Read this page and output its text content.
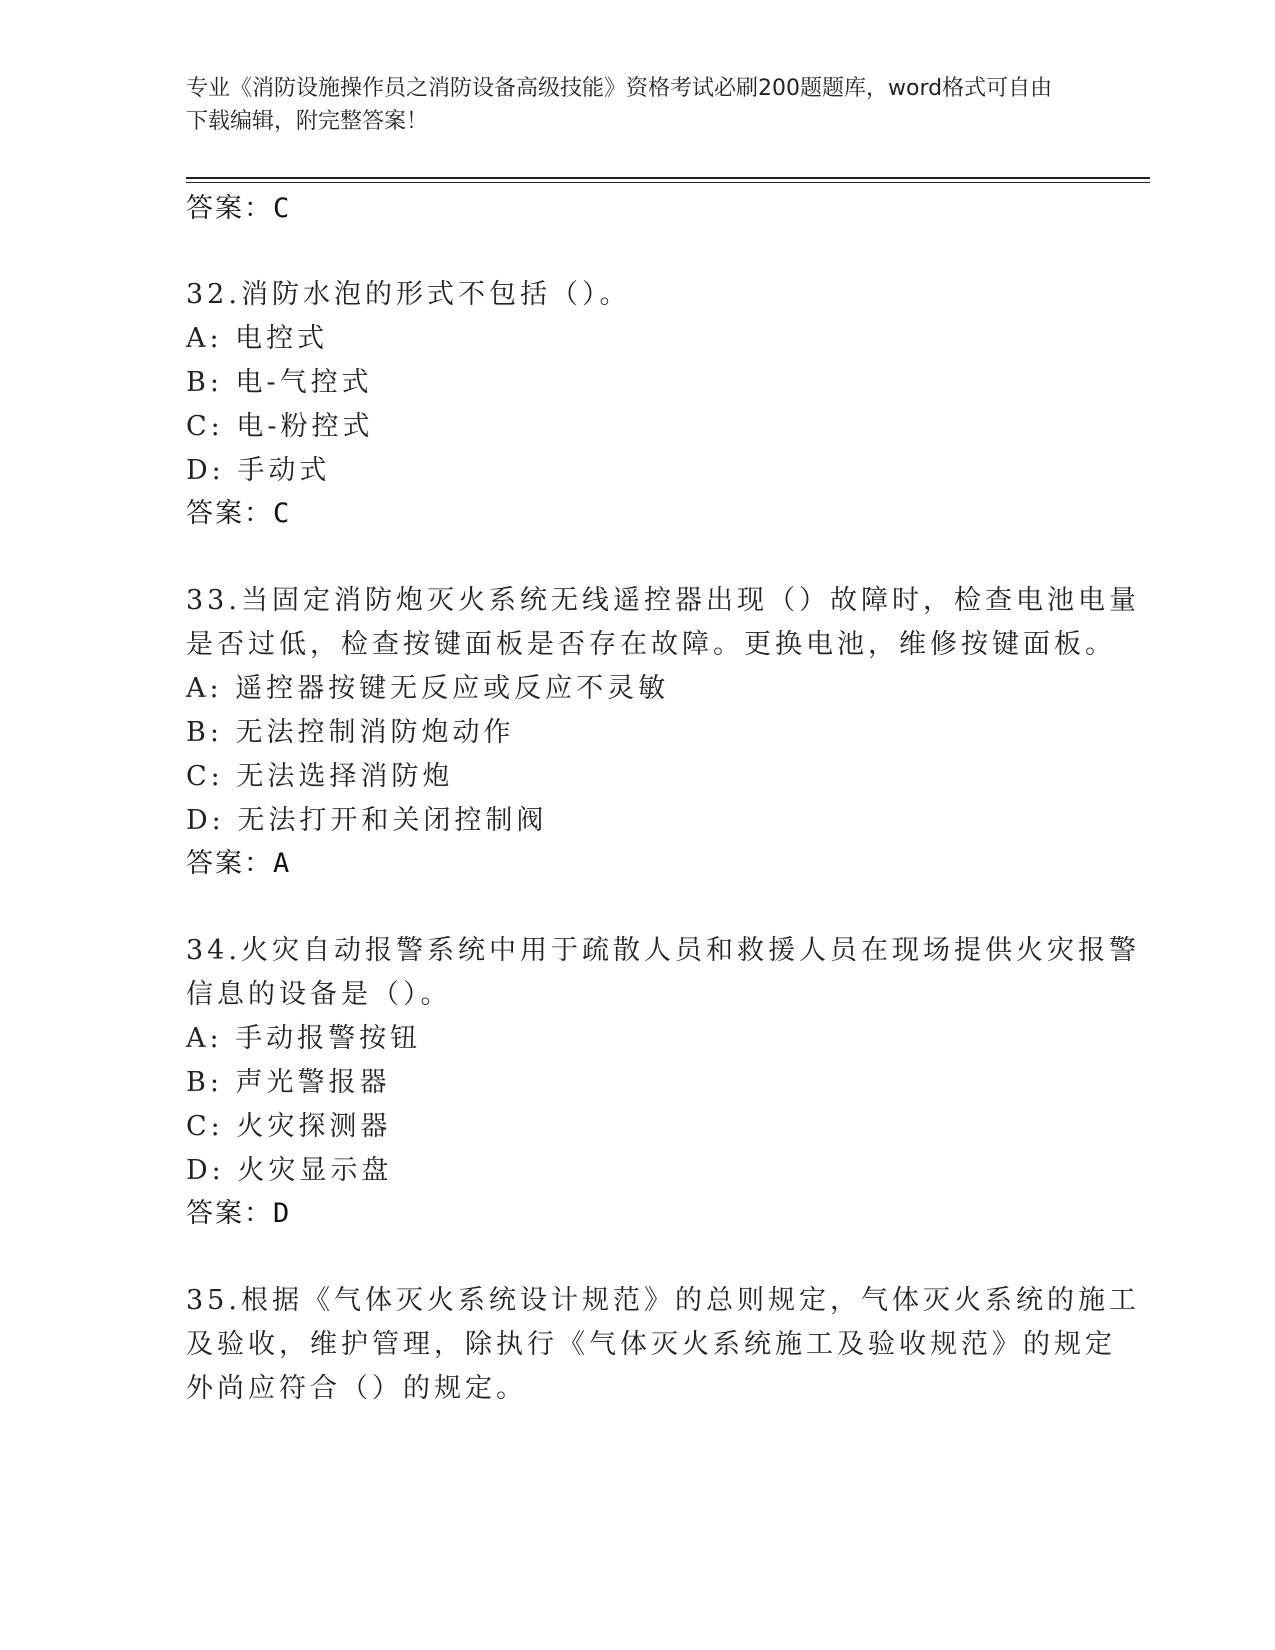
专业《消防设施操作员之消防设备高级技能》资格考试必刷200题题库，word格式可自由下载编辑，附完整答案！
答案：C
32.消防水泡的形式不包括（）。
A: 电控式
B: 电-气控式
C: 电-粉控式
D: 手动式
答案：C
33.当固定消防炮灭火系统无线遥控器出现（）故障时，检查电池电量
是否过低，检查按键面板是否存在故障。更换电池，维修按键面板。
A: 遥控器按键无反应或反应不灵敏
B: 无法控制消防炮动作
C: 无法选择消防炮
D: 无法打开和关闭控制阀
答案：A
34.火灾自动报警系统中用于疏散人员和救援人员在现场提供火灾报警
信息的设备是（）。
A: 手动报警按钮
B: 声光警报器
C: 火灾探测器
D: 火灾显示盘
答案：D
35.根据《气体灭火系统设计规范》的总则规定，气体灭火系统的施工
及验收，维护管理，除执行《气体灭火系统施工及验收规范》的规定
外尚应符合（）的规定。
